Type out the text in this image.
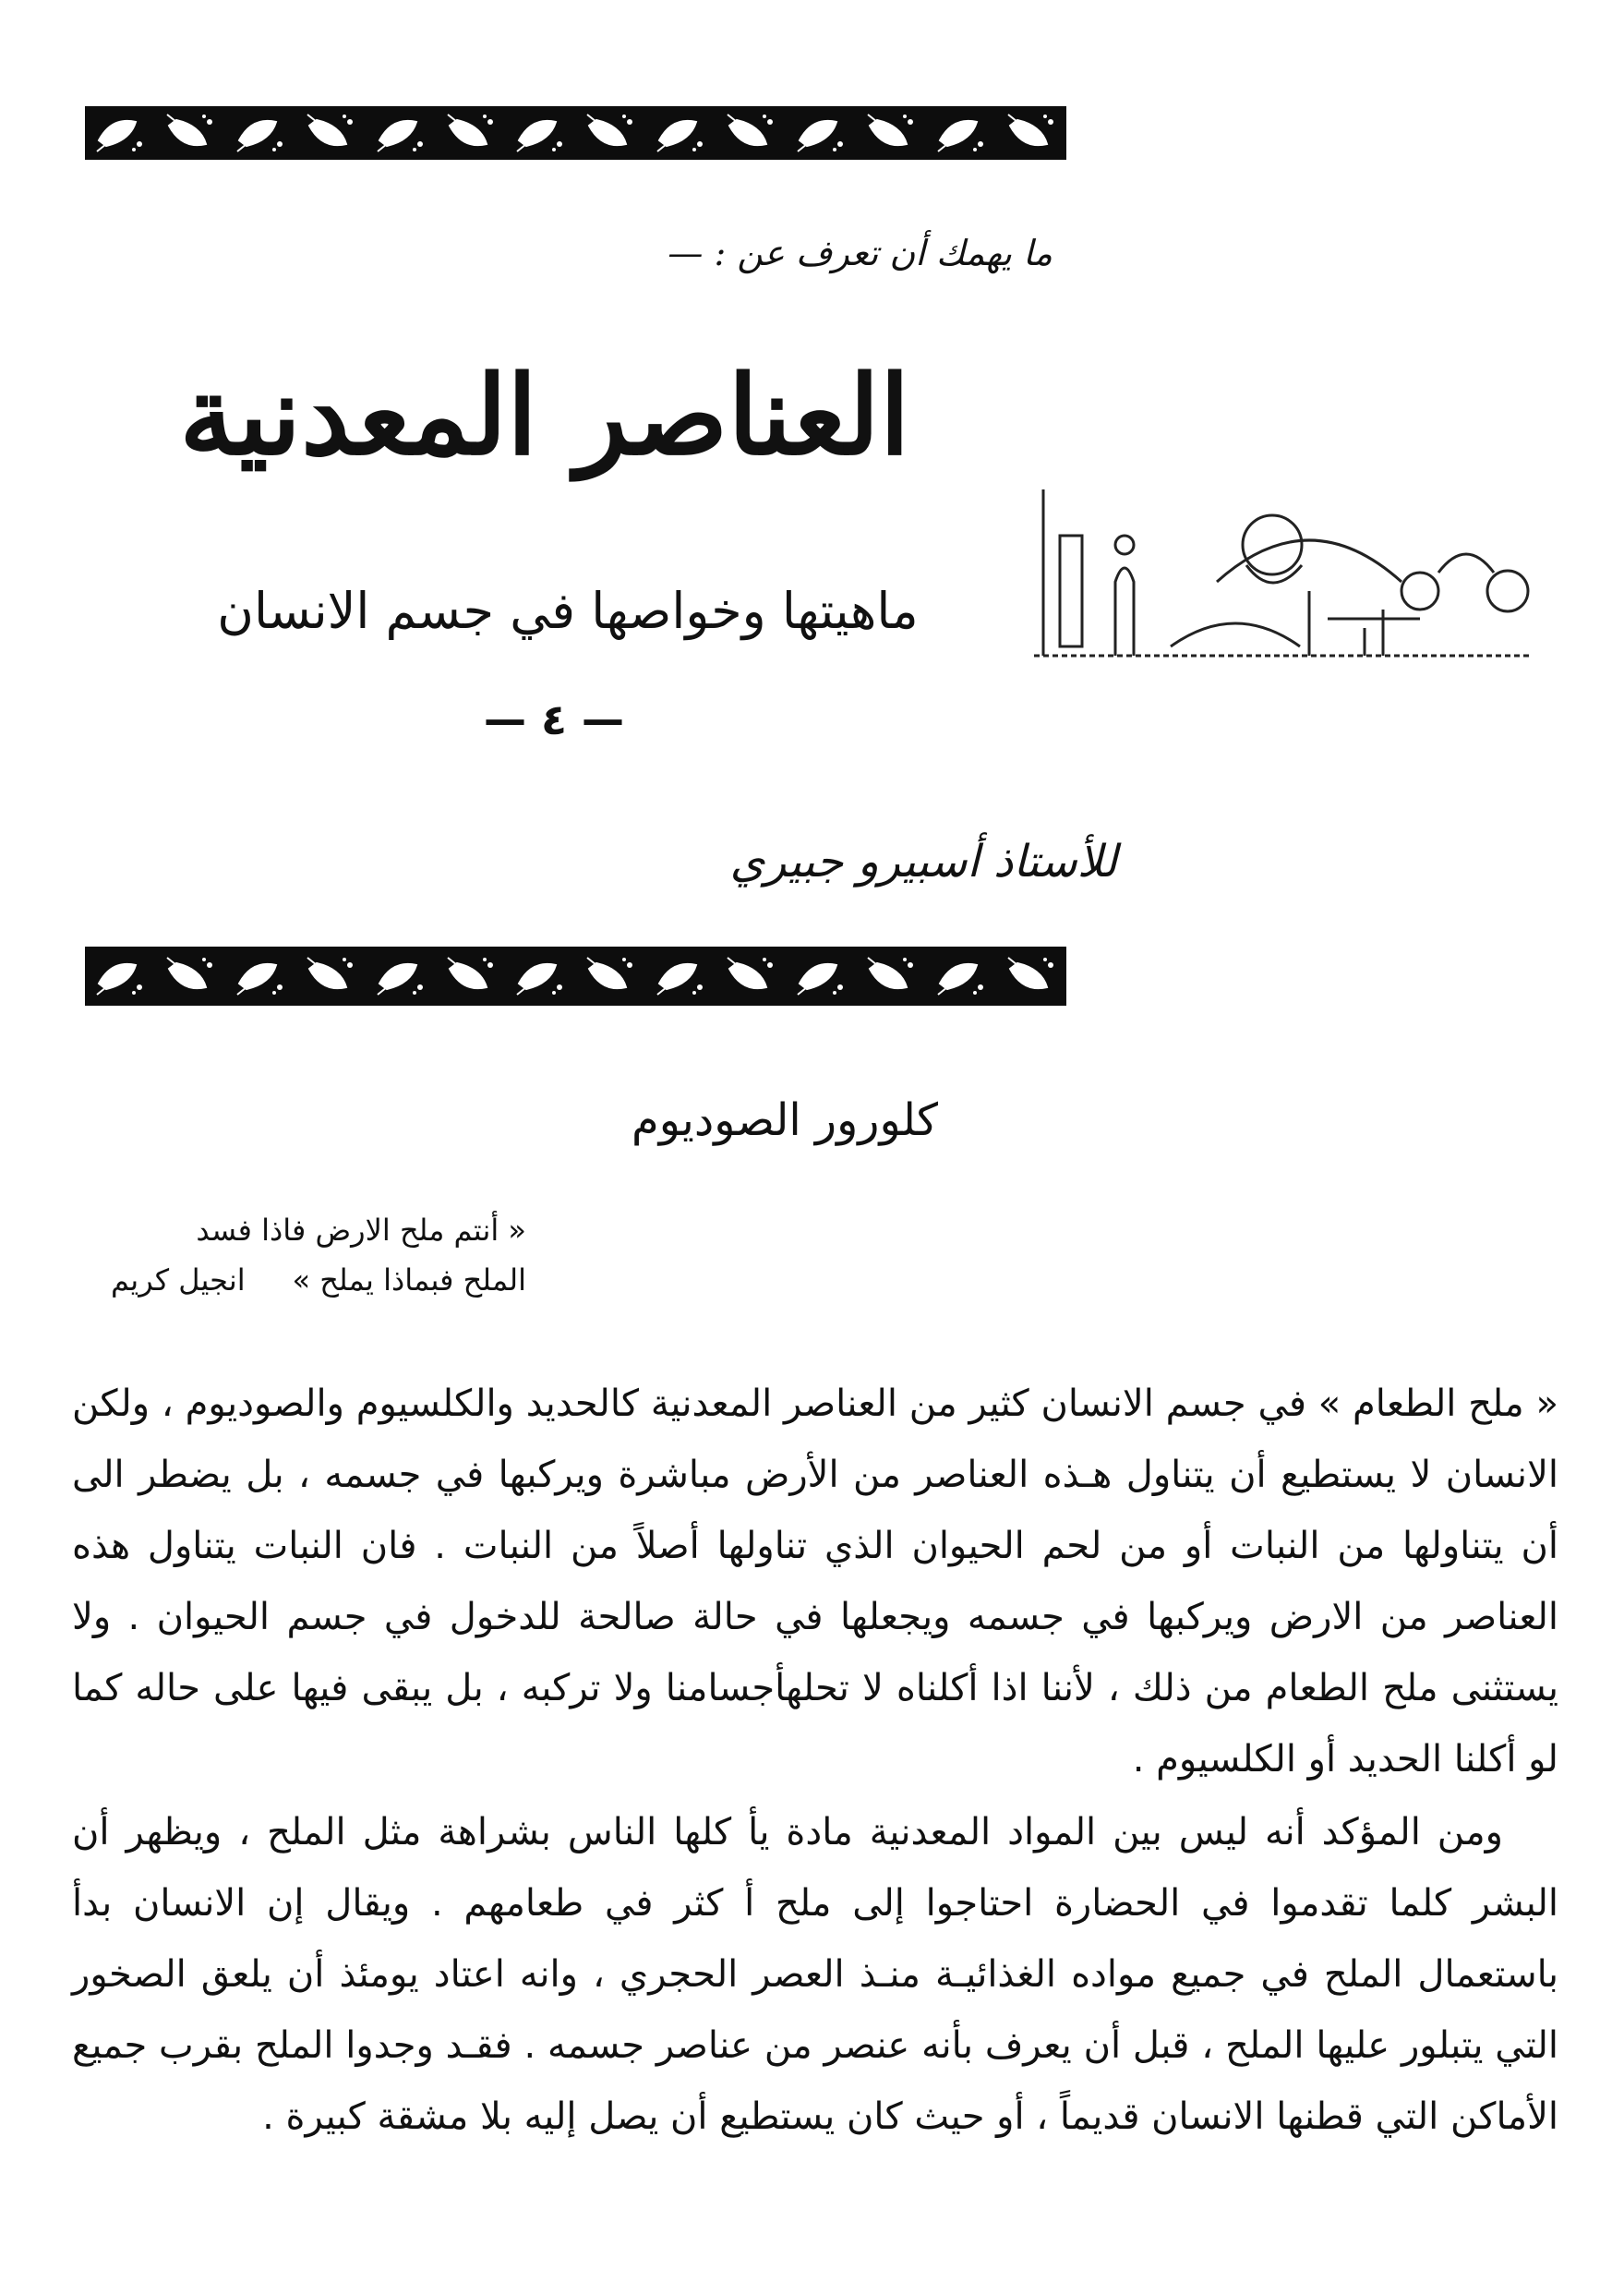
ما يهمك أن تعرف عن : —
العناصر المعدنية
ماهيتها وخواصها في جسم الانسان
— ٤ —
للأستاذ أسبيرو جبيري
كلورور الصوديوم
« أنتم ملح الارض فاذا فسد
الملح فبماذا يملح »
انجيل كريم

« ملح الطعام » في جسم الانسان كثير من العناصر المعدنية كالحديد والكلسيوم والصوديوم ، ولكن الانسان لا يستطيع أن يتناول هـذه العناصر من الأرض مباشرة ويركبها في جسمه ، بل يضطر الى أن يتناولها من النبات أو من لحم الحيوان الذي تناولها أصلاً من النبات . فان النبات يتناول هذه العناصر من الارض ويركبها في جسمه ويجعلها في حالة صالحة للدخول في جسم الحيوان . ولا يستثنى ملح الطعام من ذلك ، لأننا اذا أكلناه لا تحلهأجسامنا ولا تركبه ، بل يبقى فيها على حاله كما لو أكلنا الحديد أو الكلسيوم .

ومن المؤكد أنه ليس بين المواد المعدنية مادة يأ كلها الناس بشراهة مثل الملح ، ويظهر أن البشر كلما تقدموا في الحضارة احتاجوا إلى ملح أ كثر في طعامهم . ويقال إن الانسان بدأ باستعمال الملح في جميع مواده الغذائيـة منـذ العصر الحجري ، وانه اعتاد يومئذ أن يلعق الصخور التي يتبلور عليها الملح ، قبل أن يعرف بأنه عنصر من عناصر جسمه . فقـد وجدوا الملح بقرب جميع الأماكن التي قطنها الانسان قديماً ، أو حيث كان يستطيع أن يصل إليه بلا مشقة كبيرة .
